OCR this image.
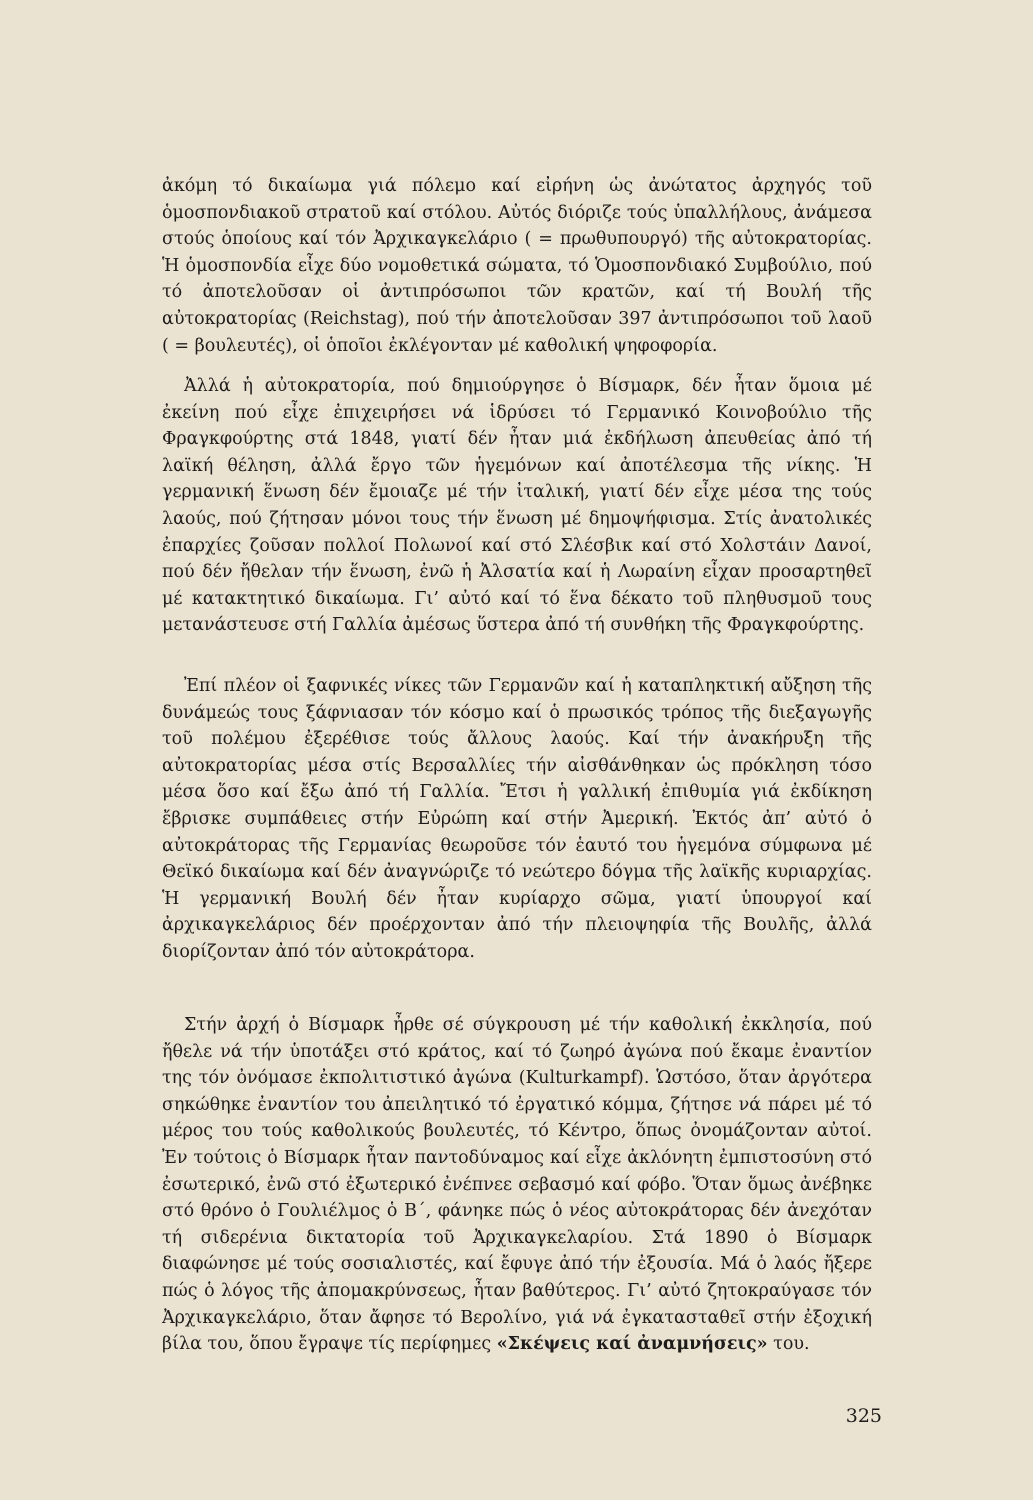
ἀκόμη τό δικαίωμα γιά πόλεμο καί εἰρήνη ὡς ἀνώτατος ἀρχηγός τοῦ ὁμοσπονδιακοῦ στρατοῦ καί στόλου. Αὐτός διόριζε τούς ὑπαλλήλους, ἀνάμεσα στούς ὁποίους καί τόν Ἀρχικαγκελάριο ( = πρωθυπουργό) τῆς αὐτοκρατορίας. Ἡ ὁμοσπονδία εἶχε δύο νομοθετικά σώματα, τό Ὁμοσπονδιακό Συμβούλιο, πού τό ἀποτελοῦσαν οἱ ἀντιπρόσωποι τῶν κρατῶν, καί τή Βουλή τῆς αὐτοκρατορίας (Reichstag), πού τήν ἀποτελοῦσαν 397 ἀντιπρόσωποι τοῦ λαοῦ ( = βουλευτές), οἱ ὁποῖοι ἐκλέγονταν μέ καθολική ψηφοφορία.

Ἀλλά ἡ αὐτοκρατορία, πού δημιούργησε ὁ Βίσμαρκ, δέν ἦταν ὅμοια μέ ἐκείνη πού εἶχε ἐπιχειρήσει νά ἱδρύσει τό Γερμανικό Κοινοβούλιο τῆς Φραγκφούρτης στά 1848, γιατί δέν ἦταν μιά ἐκδήλωση ἀπευθείας ἀπό τή λαϊκή θέληση, ἀλλά ἔργο τῶν ἡγεμόνων καί ἀποτέλεσμα τῆς νίκης. Ἡ γερμανική ἕνωση δέν ἔμοιαζε μέ τήν ἰταλική, γιατί δέν εἶχε μέσα της τούς λαούς, πού ζήτησαν μόνοι τους τήν ἕνωση μέ δημοψήφισμα. Στίς ἀνατολικές ἐπαρχίες ζοῦσαν πολλοί Πολωνοί καί στό Σλέσβικ καί στό Χολστάιν Δανοί, πού δέν ἤθελαν τήν ἕνωση, ἐνῶ ἡ Ἀλσατία καί ἡ Λωραίνη εἶχαν προσαρτηθεῖ μέ κατακτητικό δικαίωμα. Γι’ αὐτό καί τό ἕνα δέκατο τοῦ πληθυσμοῦ τους μετανάστευσε στή Γαλλία ἀμέσως ὕστερα ἀπό τή συνθήκη τῆς Φραγκφούρτης.

Ἐπί πλέον οἱ ξαφνικές νίκες τῶν Γερμανῶν καί ἡ καταπληκτική αὔξηση τῆς δυνάμεώς τους ξάφνιασαν τόν κόσμο καί ὁ πρωσικός τρόπος τῆς διεξαγωγῆς τοῦ πολέμου ἐξερέθισε τούς ἄλλους λαούς. Καί τήν ἀνακήρυξη τῆς αὐτοκρατορίας μέσα στίς Βερσαλλίες τήν αἰσθάνθηκαν ὡς πρόκληση τόσο μέσα ὅσο καί ἔξω ἀπό τή Γαλλία. Ἔτσι ἡ γαλλική ἐπιθυμία γιά ἐκδίκηση ἔβρισκε συμπάθειες στήν Εὐρώπη καί στήν Ἀμερική. Ἐκτός ἀπ’ αὐτό ὁ αὐτοκράτορας τῆς Γερμανίας θεωροῦσε τόν ἑαυτό του ἡγεμόνα σύμφωνα μέ Θεϊκό δικαίωμα καί δέν ἀναγνώριζε τό νεώτερο δόγμα τῆς λαϊκῆς κυριαρχίας. Ἡ γερμανική Βουλή δέν ἦταν κυρίαρχο σῶμα, γιατί ὑπουργοί καί ἀρχικαγκελάριος δέν προέρχονταν ἀπό τήν πλειοψηφία τῆς Βουλῆς, ἀλλά διορίζονταν ἀπό τόν αὐτοκράτορα.

Στήν ἀρχή ὁ Βίσμαρκ ἦρθε σέ σύγκρουση μέ τήν καθολική ἐκκλησία, πού ἤθελε νά τήν ὑποτάξει στό κράτος, καί τό ζωηρό ἀγώνα πού ἔκαμε ἐναντίον της τόν ὀνόμασε ἐκπολιτιστικό ἀγώνα (Kulturkampf). Ὡστόσο, ὅταν ἀργότερα σηκώθηκε ἐναντίον του ἀπειλητικό τό ἐργατικό κόμμα, ζήτησε νά πάρει μέ τό μέρος του τούς καθολικούς βουλευτές, τό Κέντρο, ὅπως ὀνομάζονταν αὐτοί. Ἐν τούτοις ὁ Βίσμαρκ ἦταν παντοδύναμος καί εἶχε ἀκλόνητη ἐμπιστοσύνη στό ἐσωτερικό, ἐνῶ στό ἐξωτερικό ἐνέπνεε σεβασμό καί φόβο. Ὅταν ὅμως ἀνέβηκε στό θρόνο ὁ Γουλιέλμος ὁ Β΄, φάνηκε πώς ὁ νέος αὐτοκράτορας δέν ἀνεχόταν τή σιδερένια δικτατορία τοῦ Ἀρχικαγκελαρίου. Στά 1890 ὁ Βίσμαρκ διαφώνησε μέ τούς σοσιαλιστές, καί ἔφυγε ἀπό τήν ἐξουσία. Μά ὁ λαός ἤξερε πώς ὁ λόγος τῆς ἀπομακρύνσεως, ἦταν βαθύτερος. Γι’ αὐτό ζητοκραύγασε τόν Ἀρχικαγκελάριο, ὅταν ἄφησε τό Βερολίνο, γιά νά ἐγκατασταθεῖ στήν ἐξοχική βίλα του, ὅπου ἔγραψε τίς περίφημες «Σκέψεις καί ἀναμνήσεις» του.

325
